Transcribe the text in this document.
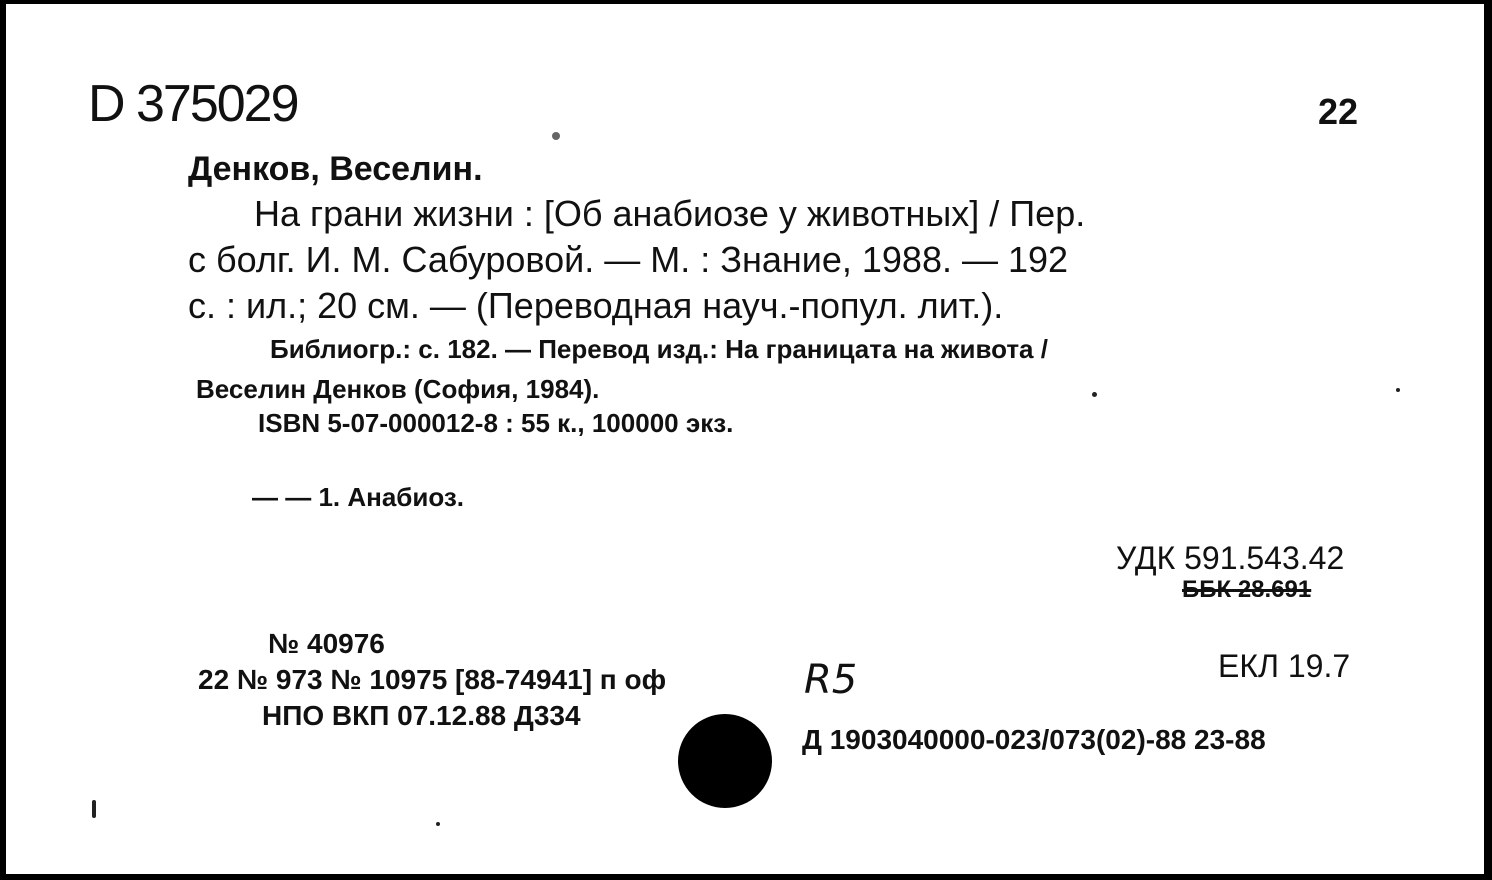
D 375029	22
Денков, Веселин.
На грани жизни : [Об анабиозе у животных] / Пер.
с болг. И. М. Сабуровой. — М. : Знание, 1988. — 192
с. : ил.; 20 см. — (Переводная науч.-попул. лит.).
Библиогр.: с. 182. — Перевод изд.: На границата на живота /
Веселин Денков (София, 1984).
ISBN 5-07-000012-8 : 55 к., 100000 экз.
— — 1. Анабиоз.
УДК 591.543.42
ББК 28.691
ЕКЛ 19.7
№ 40976
22 № 973 № 10975 [88-74941] п оф	R5
НПО ВКП 07.12.88 Д334
Д 1903040000-023/073(02)-88 23-88
